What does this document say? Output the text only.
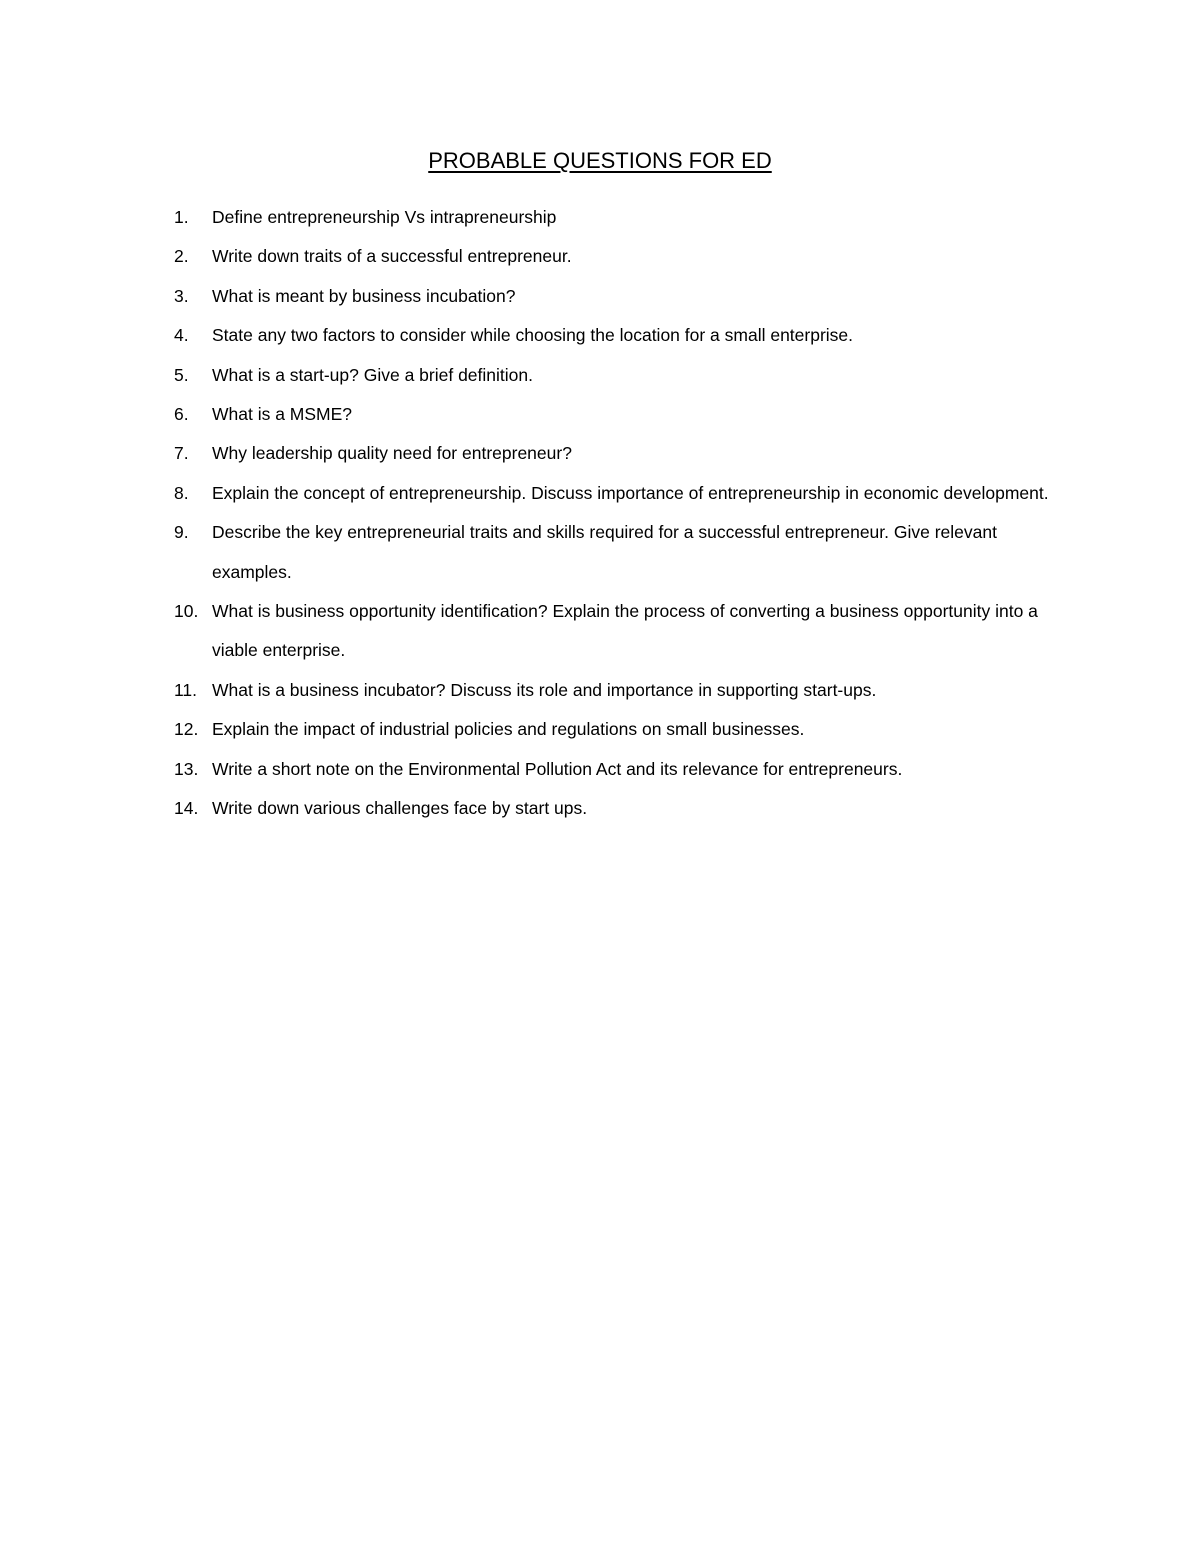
PROBABLE QUESTIONS FOR ED
1.	Define entrepreneurship Vs intrapreneurship
2.	Write down traits of a successful entrepreneur.
3.	What is meant by business incubation?
4.	State any two factors to consider while choosing the location for a small enterprise.
5.	What is a start-up? Give a brief definition.
6.	What is a MSME?
7.	Why leadership quality need for entrepreneur?
8.	Explain the concept of entrepreneurship. Discuss importance of entrepreneurship in economic development.
9.	Describe the key entrepreneurial traits and skills required for a successful entrepreneur. Give relevant examples.
10. What is business opportunity identification? Explain the process of converting a business opportunity into a viable enterprise.
11. What is a business incubator? Discuss its role and importance in supporting start-ups.
12. Explain the impact of industrial policies and regulations on small businesses.
13. Write a short note on the Environmental Pollution Act and its relevance for entrepreneurs.
14. Write down various challenges face by start ups.
